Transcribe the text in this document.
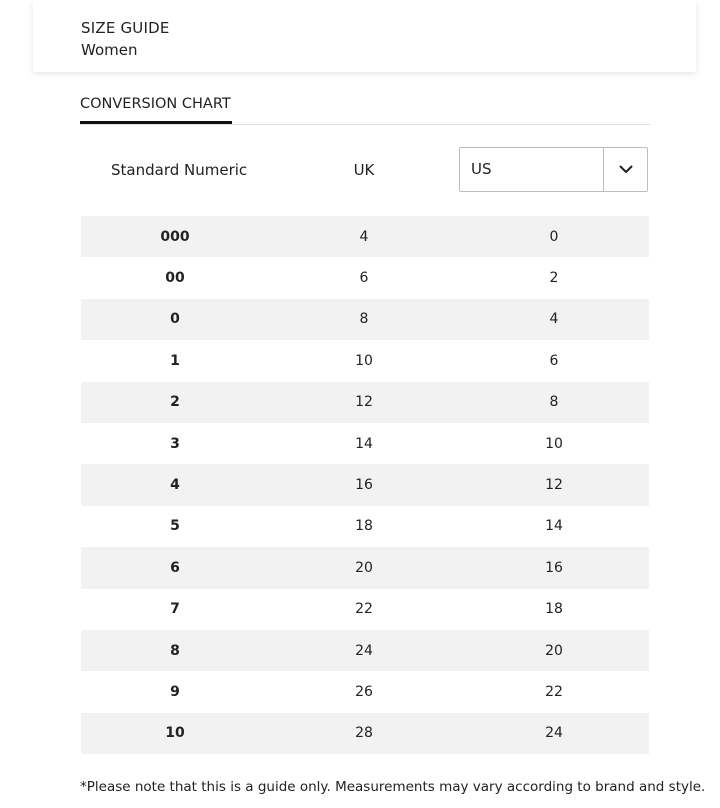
SIZE GUIDE
Women
CONVERSION CHART
Standard Numeric	UK	US
000	4	0
00	6	2
0	8	4
1	10	6
2	12	8
3	14	10
4	16	12
5	18	14
6	20	16
7	22	18
8	24	20
9	26	22
10	28	24
*Please note that this is a guide only. Measurements may vary according to brand and style.
